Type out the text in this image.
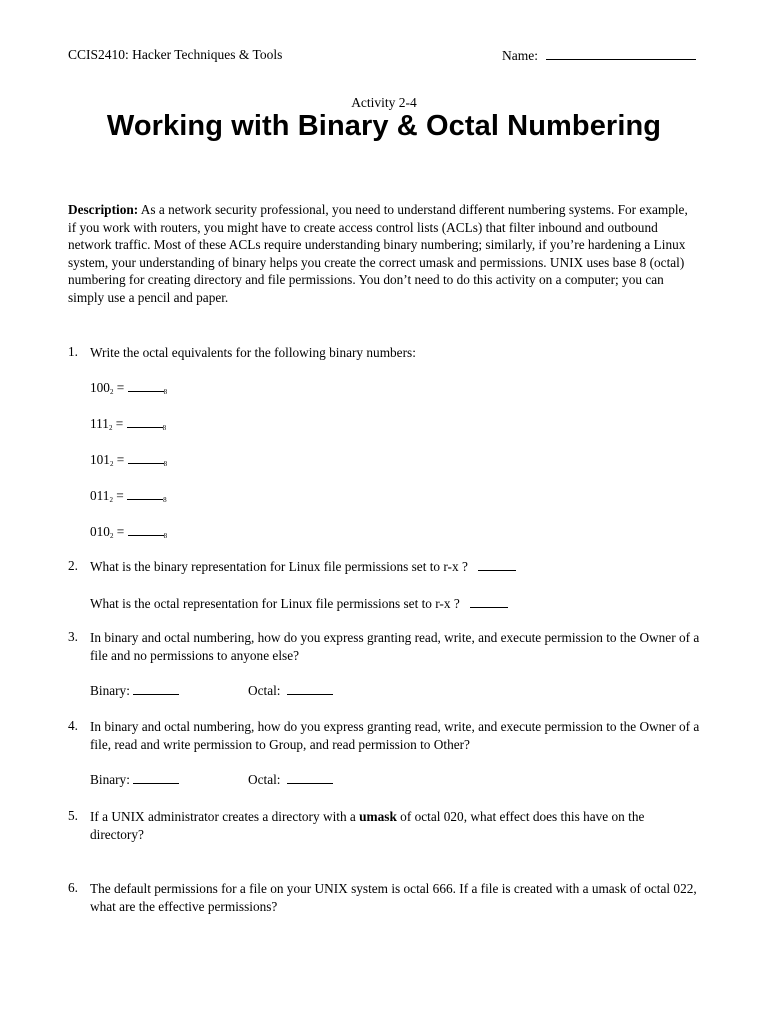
CCIS2410: Hacker Techniques & Tools	Name:
Activity 2-4
Working with Binary & Octal Numbering
Description: As a network security professional, you need to understand different numbering systems. For example, if you work with routers, you might have to create access control lists (ACLs) that filter inbound and outbound network traffic. Most of these ACLs require understanding binary numbering; similarly, if you’re hardening a Linux system, your understanding of binary helps you create the correct umask and permissions. UNIX uses base 8 (octal) numbering for creating directory and file permissions. You don’t need to do this activity on a computer; you can simply use a pencil and paper.
1. Write the octal equivalents for the following binary numbers:
$100_2$ =	$_8$
$111_2$ =	$_8$
$101_2$ =	$_8$
$011_2$ =	$_8$
$010_2$ =	$_8$
2. What is the binary representation for Linux file permissions set to r-x ?
What is the octal representation for Linux file permissions set to r-x ?
3. In binary and octal numbering, how do you express granting read, write, and execute permission to the Owner of a file and no permissions to anyone else?
Binary:	Octal:
4. In binary and octal numbering, how do you express granting read, write, and execute permission to the Owner of a file, read and write permission to Group, and read permission to Other?
Binary:	Octal:
5. If a UNIX administrator creates a directory with a umask of octal 020, what effect does this have on the directory?
6. The default permissions for a file on your UNIX system is octal 666. If a file is created with a umask of octal 022, what are the effective permissions?
